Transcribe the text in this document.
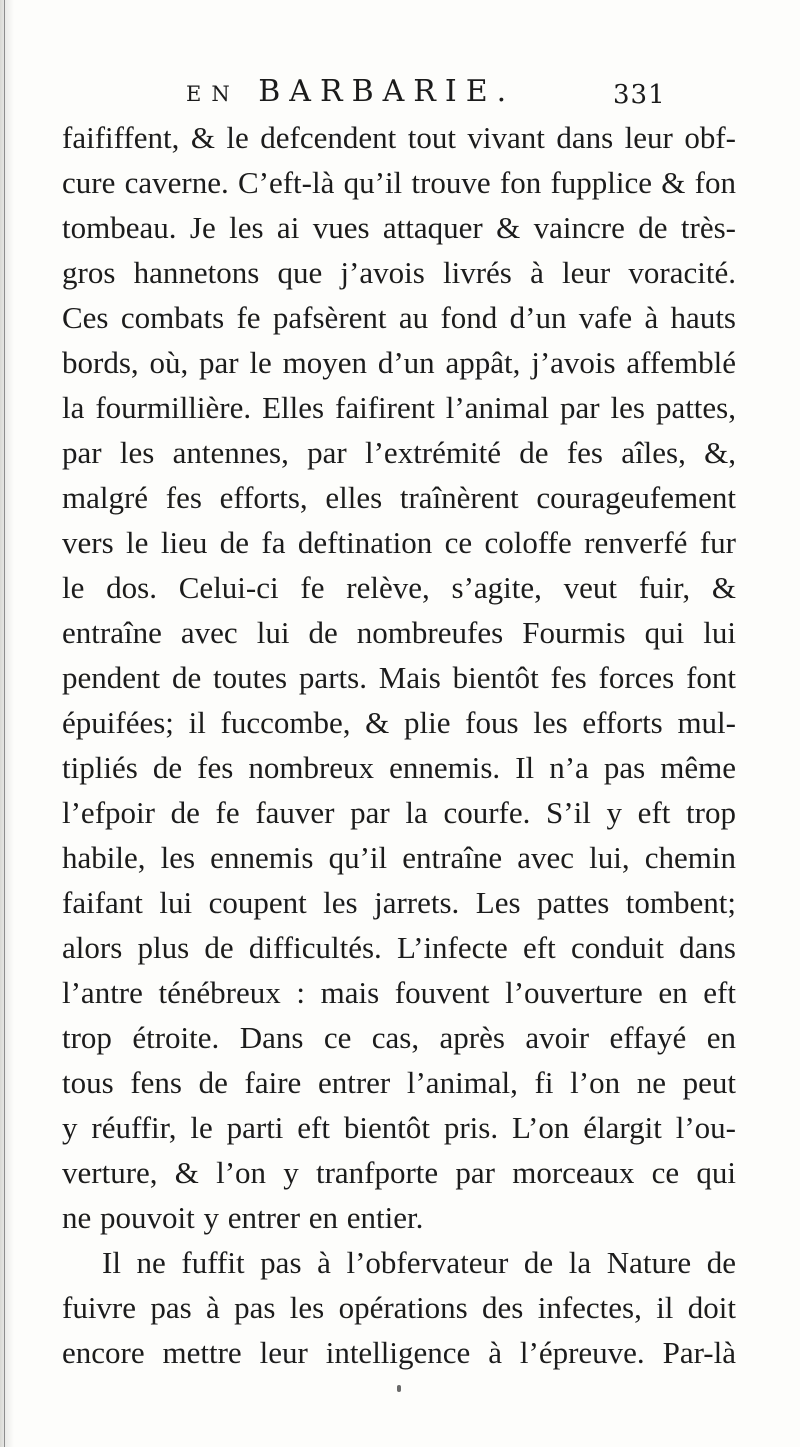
EN BARBARIE.	331
faififfent, & le defcendent tout vivant dans leur obf-
cure caverne. C’eft-là qu’il trouve fon fupplice & fon
tombeau. Je les ai vues attaquer & vaincre de très-
gros hannetons que j’avois livrés à leur voracité.
Ces combats fe pafsèrent au fond d’un vafe à hauts
bords, où, par le moyen d’un appât, j’avois affemblé
la fourmillière. Elles faifirent l’animal par les pattes,
par les antennes, par l’extrémité de fes aîles, &,
malgré fes efforts, elles traînèrent courageufement
vers le lieu de fa deftination ce coloffe renverfé fur
le dos. Celui-ci fe relève, s’agite, veut fuir, &
entraîne avec lui de nombreufes Fourmis qui lui
pendent de toutes parts. Mais bientôt fes forces font
épuifées; il fuccombe, & plie fous les efforts mul-
tipliés de fes nombreux ennemis. Il n’a pas même
l’efpoir de fe fauver par la courfe. S’il y eft trop
habile, les ennemis qu’il entraîne avec lui, chemin
faifant lui coupent les jarrets. Les pattes tombent;
alors plus de difficultés. L’infecte eft conduit dans
l’antre ténébreux : mais fouvent l’ouverture en eft
trop étroite. Dans ce cas, après avoir effayé en
tous fens de faire entrer l’animal, fi l’on ne peut
y réuffir, le parti eft bientôt pris. L’on élargit l’ou-
verture, & l’on y tranfporte par morceaux ce qui
ne pouvoit y entrer en entier.
Il ne fuffit pas à l’obfervateur de la Nature de
fuivre pas à pas les opérations des infectes, il doit
encore mettre leur intelligence à l’épreuve. Par-là
